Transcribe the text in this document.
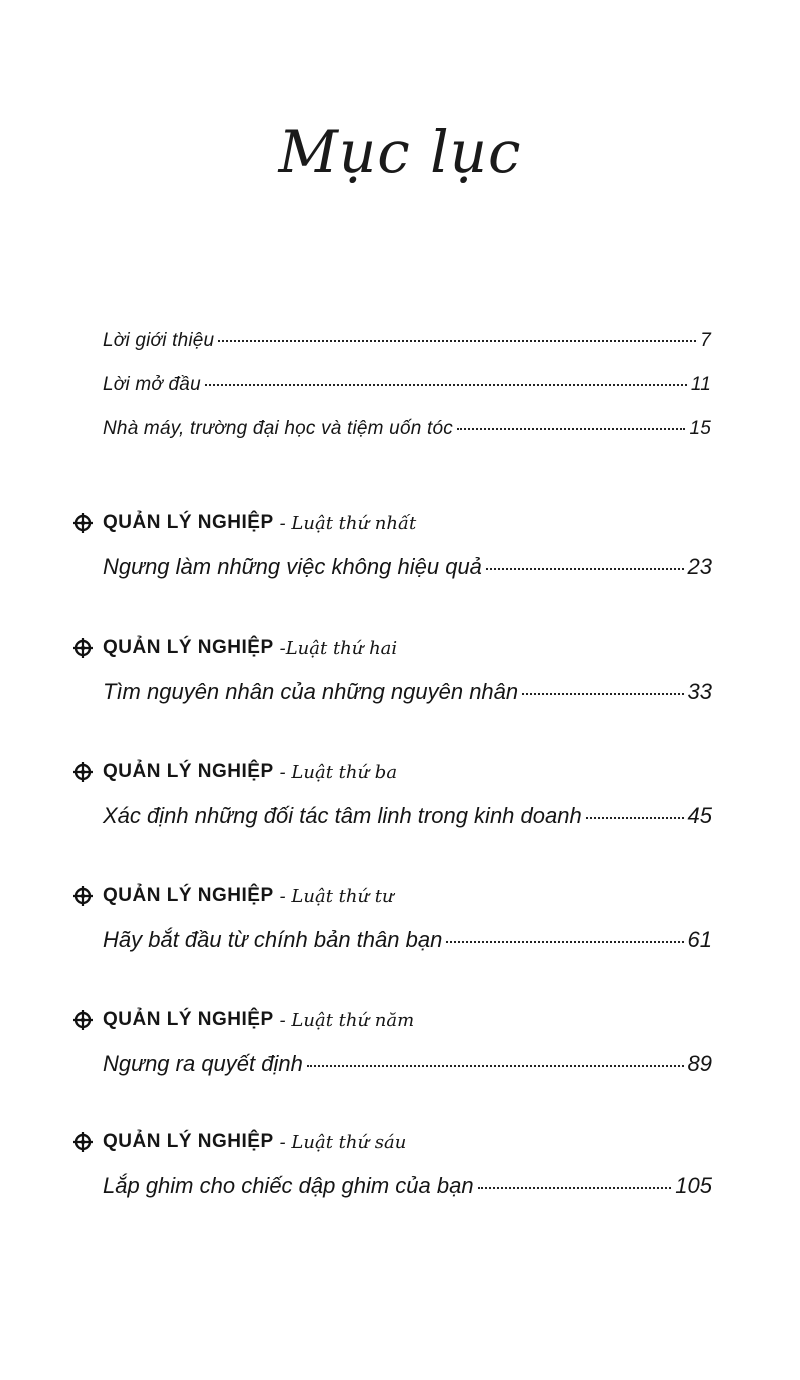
Mục lục
Lời giới thiệu	7
Lời mở đầu	11
Nhà máy, trường đại học và tiệm uốn tóc	15
QUẢN LÝ NGHIỆP - Luật thứ nhất
Ngưng làm những việc không hiệu quả	23
QUẢN LÝ NGHIỆP -Luật thứ hai
Tìm nguyên nhân của những nguyên nhân	33
QUẢN LÝ NGHIỆP - Luật thứ ba
Xác định những đối tác tâm linh trong kinh doanh	45
QUẢN LÝ NGHIỆP - Luật thứ tư
Hãy bắt đầu từ chính bản thân bạn	61
QUẢN LÝ NGHIỆP - Luật thứ năm
Ngưng ra quyết định	89
QUẢN LÝ NGHIỆP - Luật thứ sáu
Lắp ghim cho chiếc dập ghim của bạn	105
